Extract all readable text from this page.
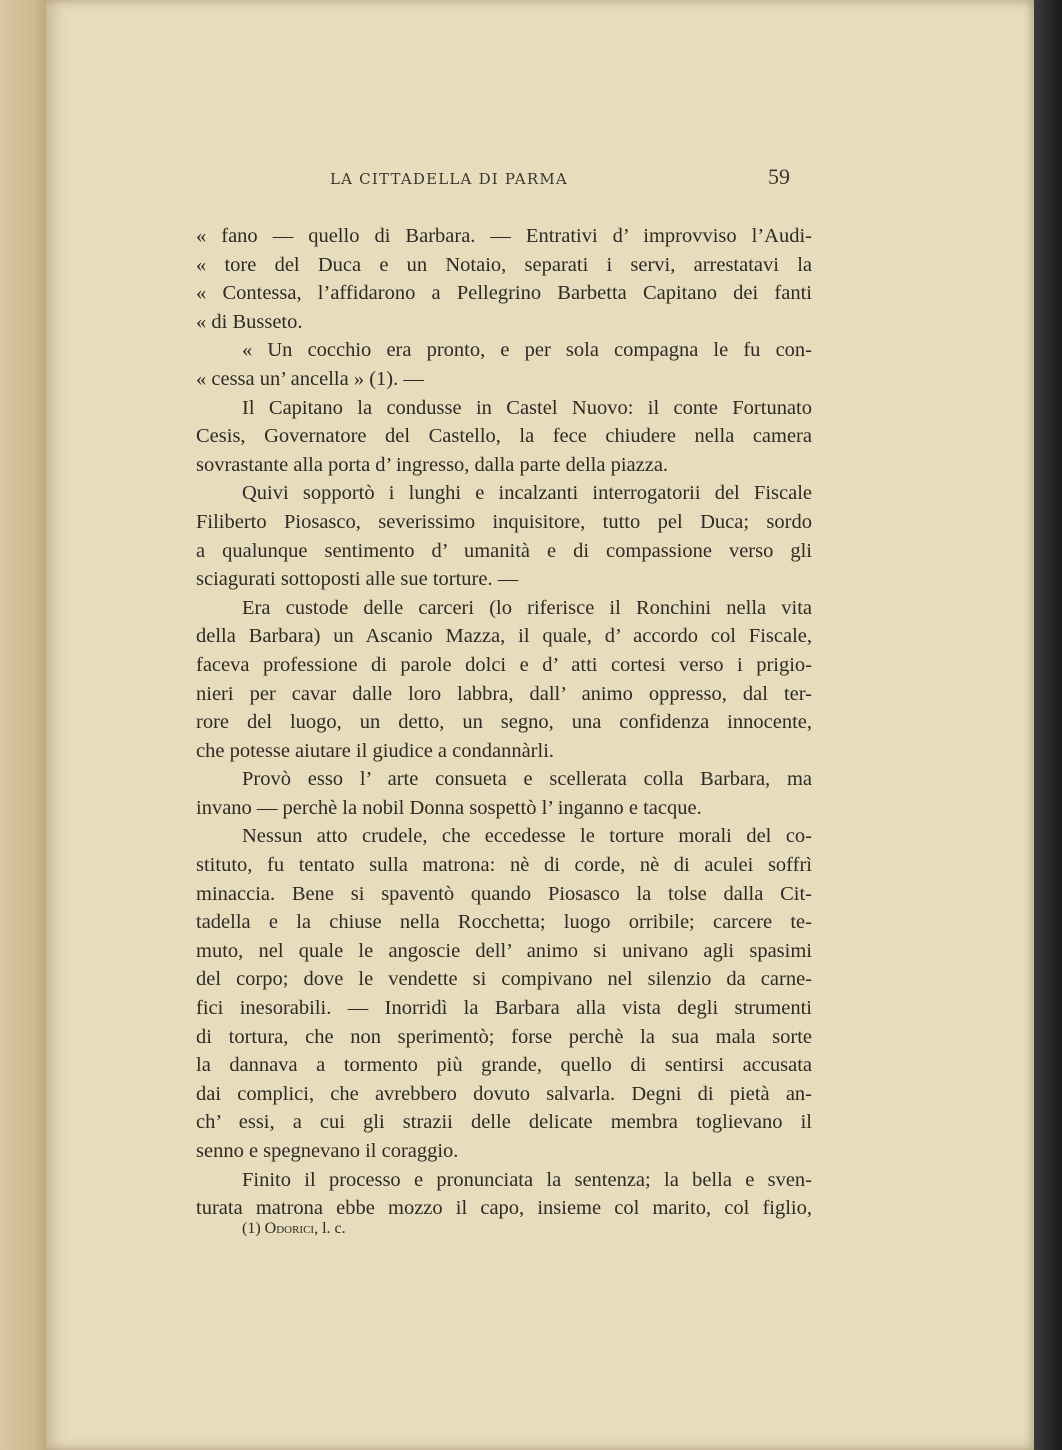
LA CITTADELLA DI PARMA	59
« fano — quello di Barbara. — Entrativi d’ improvviso l’Audi-
« tore del Duca e un Notaio, separati i servi, arrestatavi la
« Contessa, l’affidarono a Pellegrino Barbetta Capitano dei fanti
« di Busseto.
« Un cocchio era pronto, e per sola compagna le fu con-
« cessa un’ ancella » (1). —
Il Capitano la condusse in Castel Nuovo: il conte Fortunato
Cesis, Governatore del Castello, la fece chiudere nella camera
sovrastante alla porta d’ ingresso, dalla parte della piazza.
Quivi sopportò i lunghi e incalzanti interrogatorii del Fiscale
Filiberto Piosasco, severissimo inquisitore, tutto pel Duca; sordo
a qualunque sentimento d’ umanità e di compassione verso gli
sciagurati sottoposti alle sue torture. —
Era custode delle carceri (lo riferisce il Ronchini nella vita
della Barbara) un Ascanio Mazza, il quale, d’ accordo col Fiscale,
faceva professione di parole dolci e d’ atti cortesi verso i prigio-
nieri per cavar dalle loro labbra, dall’ animo oppresso, dal ter-
rore del luogo, un detto, un segno, una confidenza innocente,
che potesse aiutare il giudice a condannàrli.
Provò esso l’ arte consueta e scellerata colla Barbara, ma
invano — perchè la nobil Donna sospettò l’ inganno e tacque.
Nessun atto crudele, che eccedesse le torture morali del co-
stituto, fu tentato sulla matrona: nè di corde, nè di aculei soffrì
minaccia. Bene si spaventò quando Piosasco la tolse dalla Cit-
tadella e la chiuse nella Rocchetta; luogo orribile; carcere te-
muto, nel quale le angoscie dell’ animo si univano agli spasimi
del corpo; dove le vendette si compivano nel silenzio da carne-
fici inesorabili. — Inorridì la Barbara alla vista degli strumenti
di tortura, che non sperimentò; forse perchè la sua mala sorte
la dannava a tormento più grande, quello di sentirsi accusata
dai complici, che avrebbero dovuto salvarla. Degni di pietà an-
ch’ essi, a cui gli strazii delle delicate membra toglievano il
senno e spegnevano il coraggio.
Finito il processo e pronunciata la sentenza; la bella e sven-
turata matrona ebbe mozzo il capo, insieme col marito, col figlio,
(1) Odorici, l. c.
